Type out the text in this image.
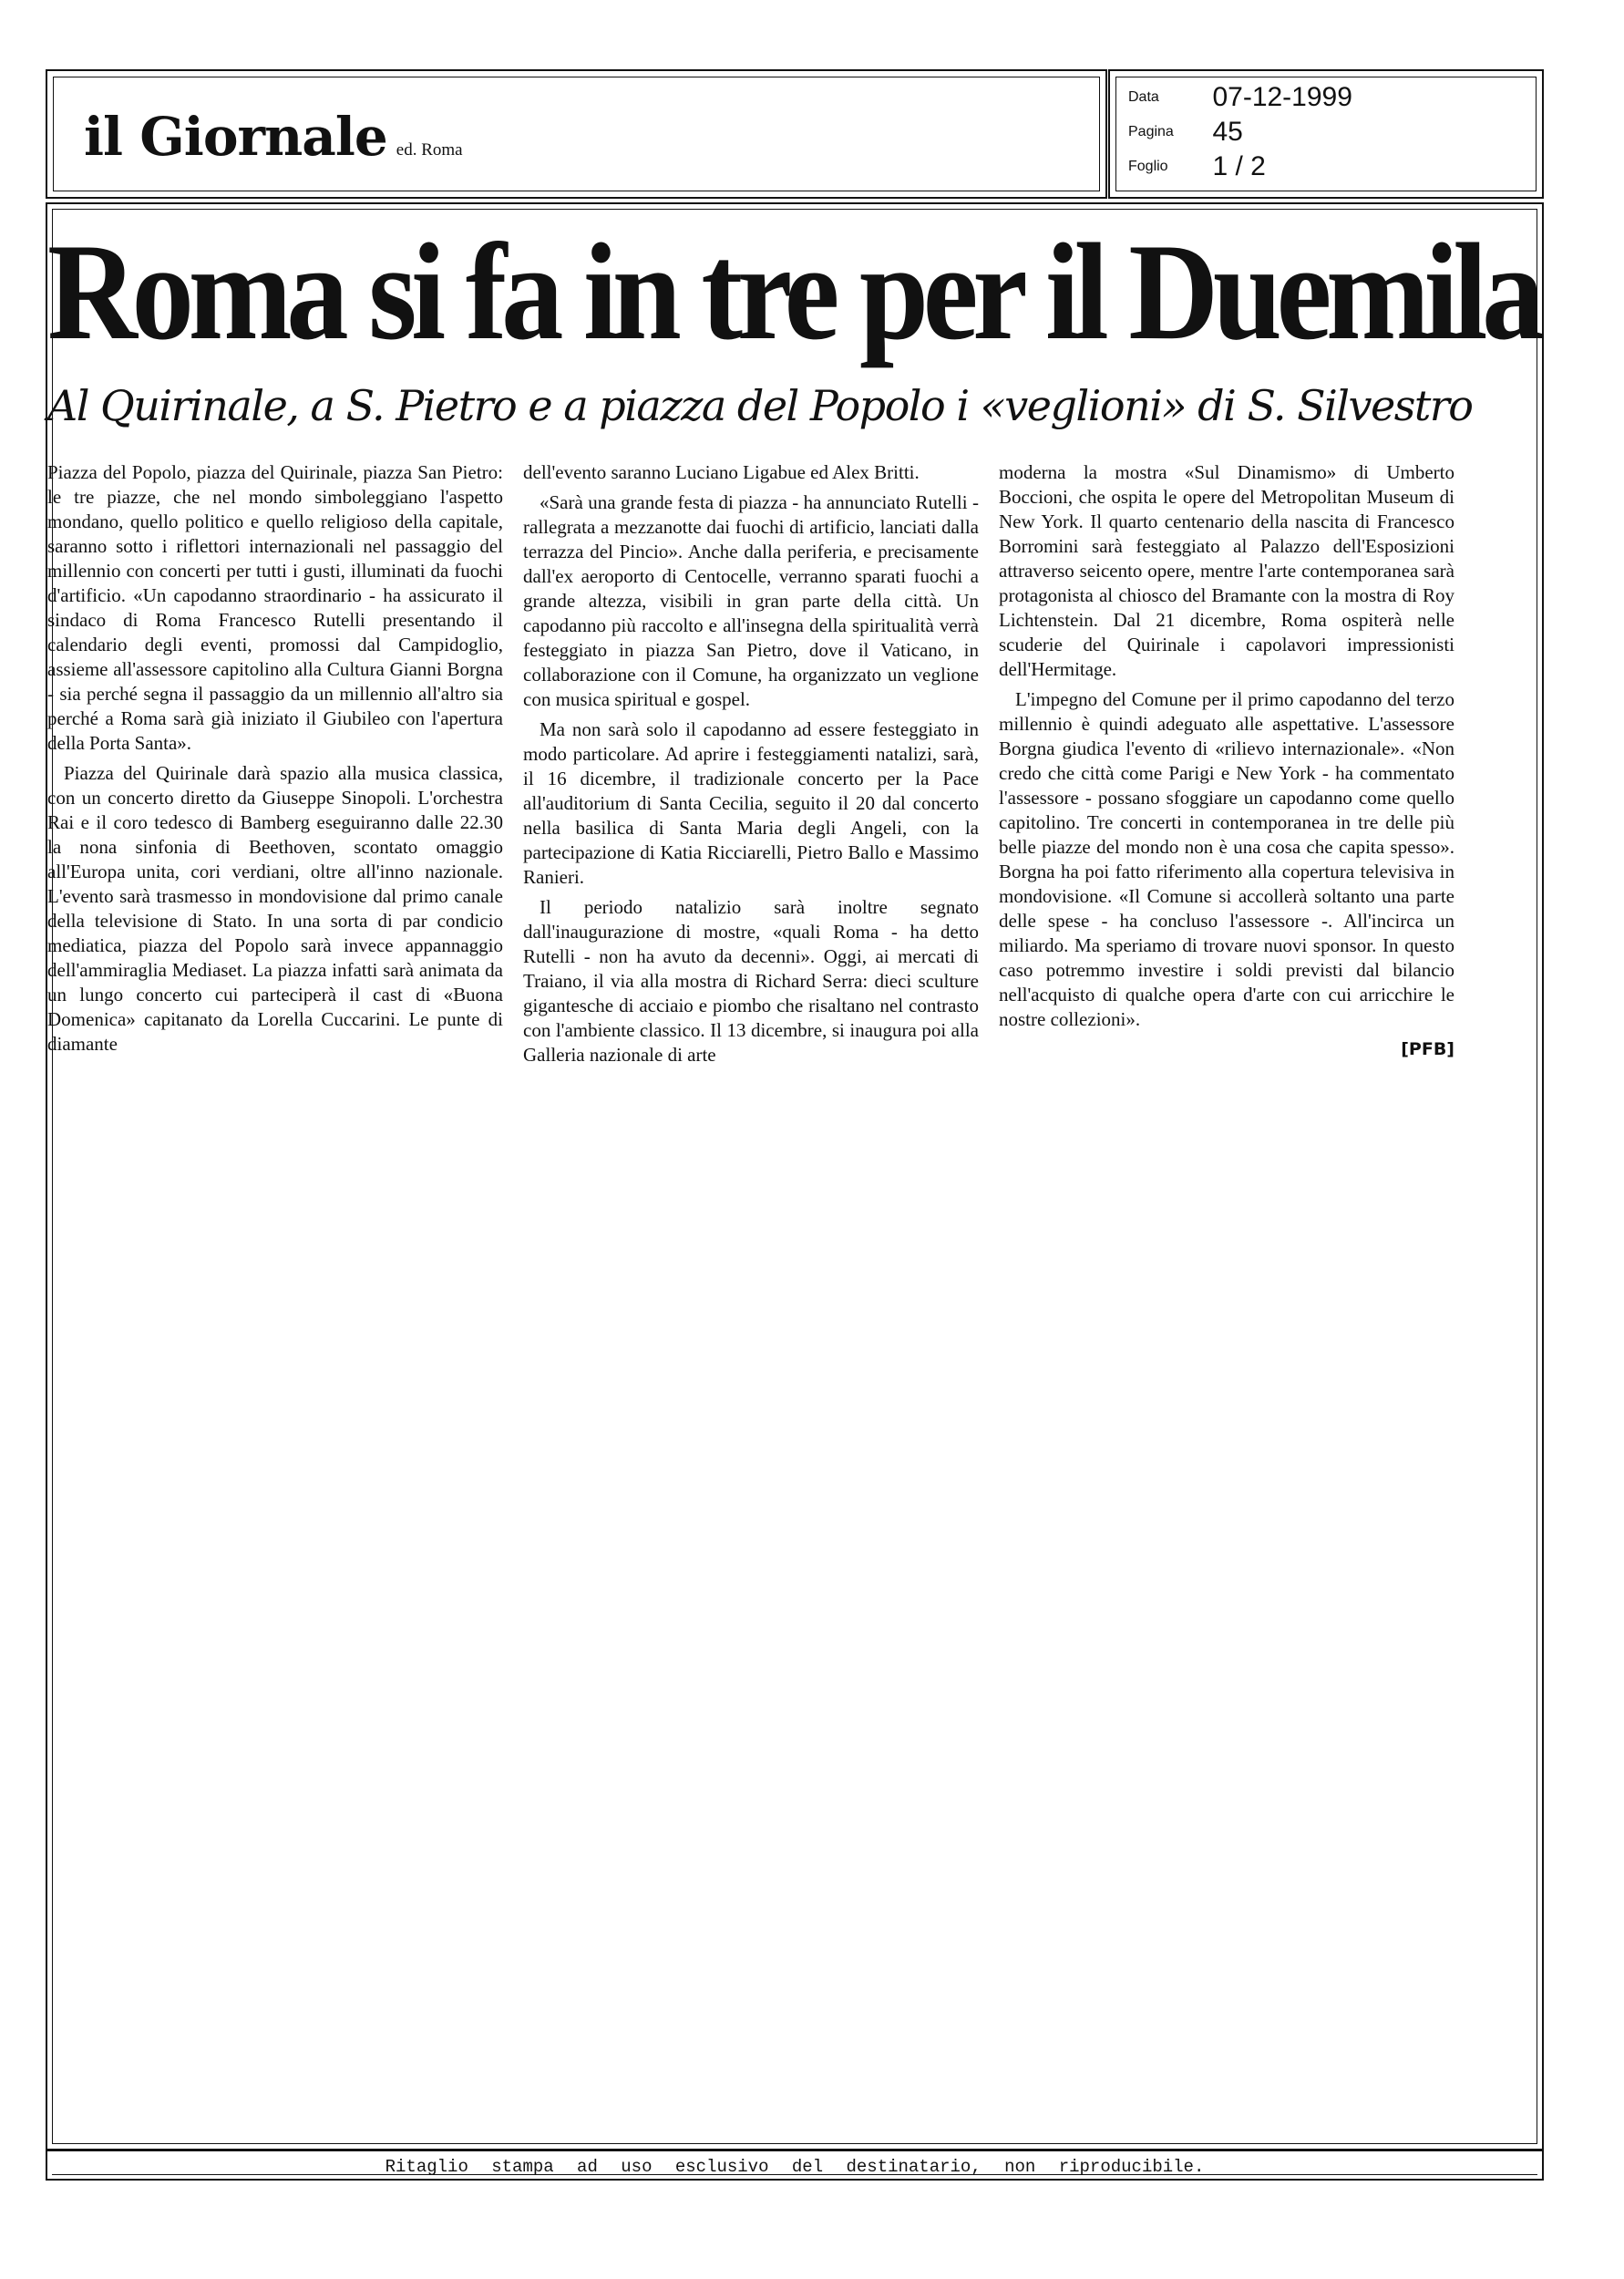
il Giornale ed. Roma
Data 07-12-1999
Pagina 45
Foglio 1 / 2
Roma si fa in tre per il Duemila
Al Quirinale, a S. Pietro e a piazza del Popolo i «veglioni» di S. Silvestro

Piazza del Popolo, piazza del Quirinale, piazza San Pietro: le tre piazze, che nel mondo simboleggiano l'aspetto mondano, quello politico e quello religioso della capitale, saranno sotto i riflettori internazionali nel passaggio del millennio con concerti per tutti i gusti, illuminati da fuochi d'artificio. «Un capodanno straordinario - ha assicurato il sindaco di Roma Francesco Rutelli presentando il calendario degli eventi, promossi dal Campidoglio, assieme all'assessore capitolino alla Cultura Gianni Borgna - sia perché segna il passaggio da un millennio all'altro sia perché a Roma sarà già iniziato il Giubileo con l'apertura della Porta Santa».

Piazza del Quirinale darà spazio alla musica classica, con un concerto diretto da Giuseppe Sinopoli. L'orchestra Rai e il coro tedesco di Bamberg eseguiranno dalle 22.30 la nona sinfonia di Beethoven, scontato omaggio all'Europa unita, cori verdiani, oltre all'inno nazionale. L'evento sarà trasmesso in mondovisione dal primo canale della televisione di Stato. In una sorta di par condicio mediatica, piazza del Popolo sarà invece appannaggio dell'ammiraglia Mediaset. La piazza infatti sarà animata da un lungo concerto cui parteciperà il cast di «Buona Domenica» capitanato da Lorella Cuccarini. Le punte di diamante

dell'evento saranno Luciano Ligabue ed Alex Britti.

«Sarà una grande festa di piazza - ha annunciato Rutelli - rallegrata a mezzanotte dai fuochi di artificio, lanciati dalla terrazza del Pincio». Anche dalla periferia, e precisamente dall'ex aeroporto di Centocelle, verranno sparati fuochi a grande altezza, visibili in gran parte della città. Un capodanno più raccolto e all'insegna della spiritualità verrà festeggiato in piazza San Pietro, dove il Vaticano, in collaborazione con il Comune, ha organizzato un veglione con musica spiritual e gospel.

Ma non sarà solo il capodanno ad essere festeggiato in modo particolare. Ad aprire i festeggiamenti natalizi, sarà, il 16 dicembre, il tradizionale concerto per la Pace all'auditorium di Santa Cecilia, seguito il 20 dal concerto nella basilica di Santa Maria degli Angeli, con la partecipazione di Katia Ricciarelli, Pietro Ballo e Massimo Ranieri.

Il periodo natalizio sarà inoltre segnato dall'inaugurazione di mostre, «quali Roma - ha detto Rutelli - non ha avuto da decenni». Oggi, ai mercati di Traiano, il via alla mostra di Richard Serra: dieci sculture gigantesche di acciaio e piombo che risaltano nel contrasto con l'ambiente classico. Il 13 dicembre, si inaugura poi alla Galleria nazionale di arte

moderna la mostra «Sul Dinamismo» di Umberto Boccioni, che ospita le opere del Metropolitan Museum di New York. Il quarto centenario della nascita di Francesco Borromini sarà festeggiato al Palazzo dell'Esposizioni attraverso seicento opere, mentre l'arte contemporanea sarà protagonista al chiosco del Bramante con la mostra di Roy Lichtenstein. Dal 21 dicembre, Roma ospiterà nelle scuderie del Quirinale i capolavori impressionisti dell'Hermitage.

L'impegno del Comune per il primo capodanno del terzo millennio è quindi adeguato alle aspettative. L'assessore Borgna giudica l'evento di «rilievo internazionale». «Non credo che città come Parigi e New York - ha commentato l'assessore - possano sfoggiare un capodanno come quello capitolino. Tre concerti in contemporanea in tre delle più belle piazze del mondo non è una cosa che capita spesso». Borgna ha poi fatto riferimento alla copertura televisiva in mondovisione. «Il Comune si accollerà soltanto una parte delle spese - ha concluso l'assessore -. All'incirca un miliardo. Ma speriamo di trovare nuovi sponsor. In questo caso potremmo investire i soldi previsti dal bilancio nell'acquisto di qualche opera d'arte con cui arricchire le nostre collezioni».

[PFB]
Ritaglio stampa ad uso esclusivo del destinatario, non riproducibile.
